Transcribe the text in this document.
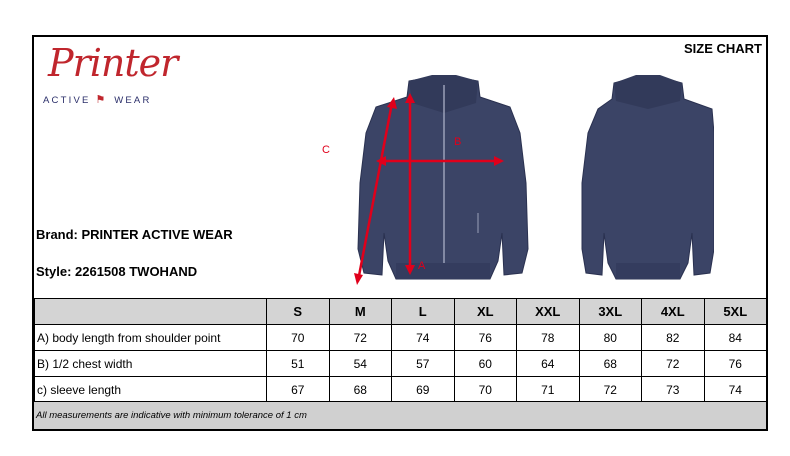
SIZE CHART
Printer
ACTIVE ⚑ WEAR
Brand: PRINTER ACTIVE WEAR
Style: 2261508 TWOHAND	A
B
C
	S	M	L	XL	XXL	3XL	4XL	5XL
A) body length from shoulder point	70	72	74	76	78	80	82	84
B) 1/2 chest width	51	54	57	60	64	68	72	76
c) sleeve length	67	68	69	70	71	72	73	74
All measurements are indicative with minimum tolerance of 1 cm
